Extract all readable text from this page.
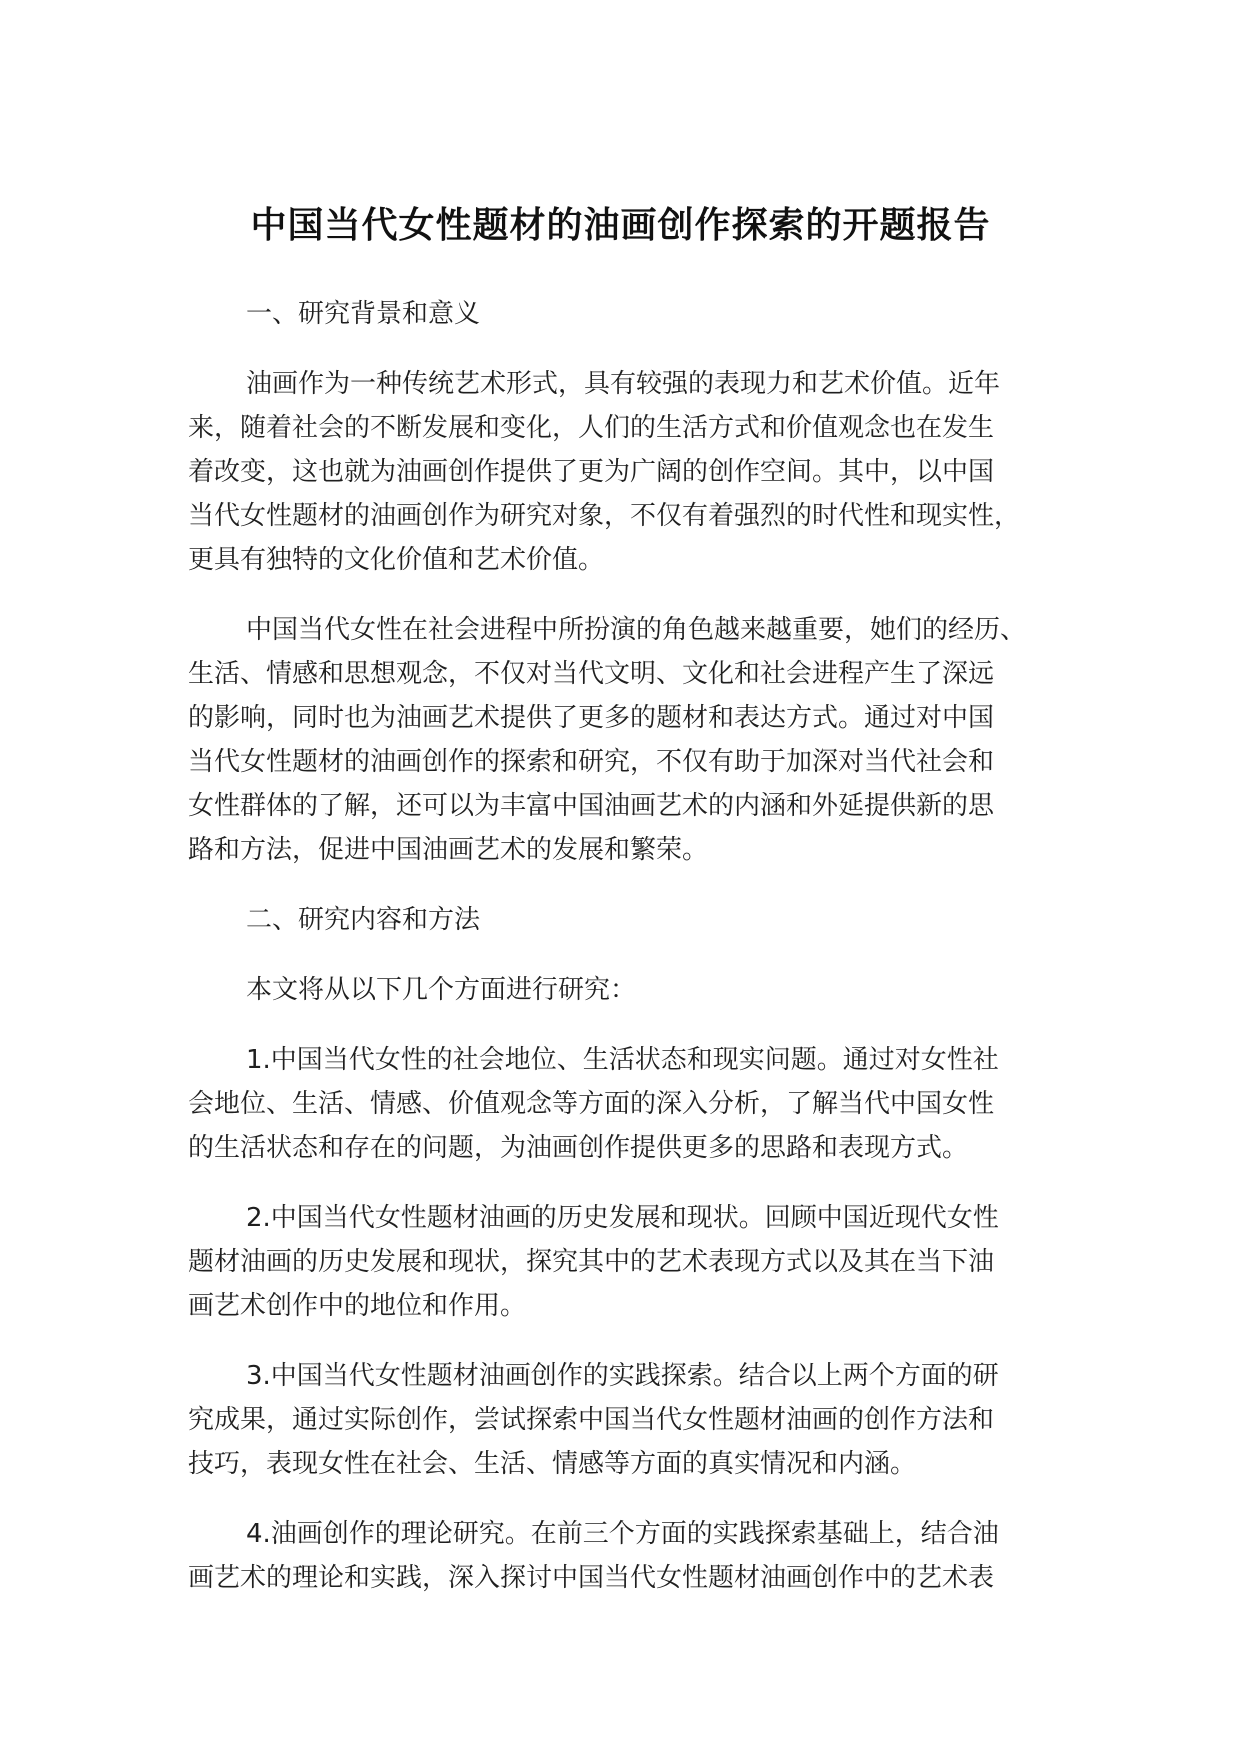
中国当代女性题材的油画创作探索的开题报告
一、研究背景和意义
油画作为一种传统艺术形式，具有较强的表现力和艺术价值。近年
来，随着社会的不断发展和变化，人们的生活方式和价值观念也在发生
着改变，这也就为油画创作提供了更为广阔的创作空间。其中，以中国
当代女性题材的油画创作为研究对象，不仅有着强烈的时代性和现实性，
更具有独特的文化价值和艺术价值。
中国当代女性在社会进程中所扮演的角色越来越重要，她们的经历、
生活、情感和思想观念，不仅对当代文明、文化和社会进程产生了深远
的影响，同时也为油画艺术提供了更多的题材和表达方式。通过对中国
当代女性题材的油画创作的探索和研究，不仅有助于加深对当代社会和
女性群体的了解，还可以为丰富中国油画艺术的内涵和外延提供新的思
路和方法，促进中国油画艺术的发展和繁荣。
二、研究内容和方法
本文将从以下几个方面进行研究：
1.中国当代女性的社会地位、生活状态和现实问题。通过对女性社
会地位、生活、情感、价值观念等方面的深入分析，了解当代中国女性
的生活状态和存在的问题，为油画创作提供更多的思路和表现方式。
2.中国当代女性题材油画的历史发展和现状。回顾中国近现代女性
题材油画的历史发展和现状，探究其中的艺术表现方式以及其在当下油
画艺术创作中的地位和作用。
3.中国当代女性题材油画创作的实践探索。结合以上两个方面的研
究成果，通过实际创作，尝试探索中国当代女性题材油画的创作方法和
技巧，表现女性在社会、生活、情感等方面的真实情况和内涵。
4.油画创作的理论研究。在前三个方面的实践探索基础上，结合油
画艺术的理论和实践，深入探讨中国当代女性题材油画创作中的艺术表
